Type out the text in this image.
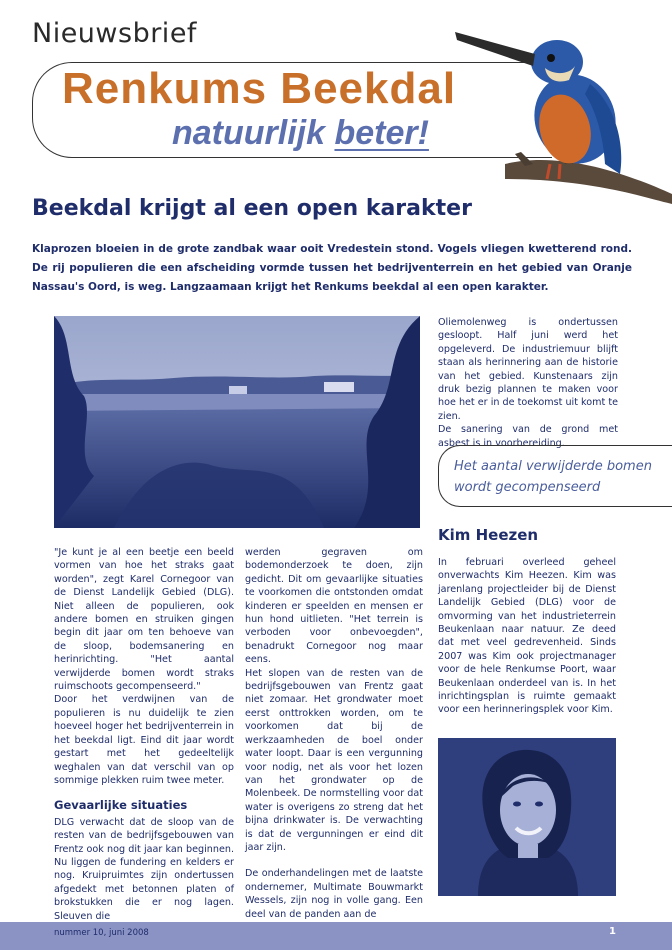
Nieuwsbrief
Renkums Beekdal
natuurlijk beter!
Beekdal krijgt al een open karakter

Klaprozen bloeien in de grote zandbak waar ooit Vredestein stond. Vogels vliegen kwetterend rond. De rij populieren die een afscheiding vormde tussen het bedrijventerrein en het gebied van Oranje Nassau's Oord, is weg. Langzaamaan krijgt het Renkums beekdal al een open karakter.

"Je kunt je al een beetje een beeld vormen van hoe het straks gaat worden", zegt Karel Cornegoor van de Dienst Landelijk Gebied (DLG). Niet alleen de populieren, ook andere bomen en struiken gingen begin dit jaar om ten behoeve van de sloop, bodemsanering en herinrichting. "Het aantal verwijderde bomen wordt straks ruimschoots gecompenseerd."

Door het verdwijnen van de populieren is nu duidelijk te zien hoeveel hoger het bedrijventerrein in het beekdal ligt. Eind dit jaar wordt gestart met het gedeeltelijk weghalen van dat verschil van op sommige plekken ruim twee meter.

Gevaarlijke situaties

DLG verwacht dat de sloop van de resten van de bedrijfsgebouwen van Frentz ook nog dit jaar kan beginnen. Nu liggen de fundering en kelders er nog. Kruipruimtes zijn ondertussen afgedekt met betonnen platen of brokstukken die er nog lagen. Sleuven die

werden gegraven om bodemonderzoek te doen, zijn gedicht. Dit om gevaarlijke situaties te voorkomen die ontstonden omdat kinderen er speelden en mensen er hun hond uitlieten. "Het terrein is verboden voor onbevoegden", benadrukt Cornegoor nog maar eens.

Het slopen van de resten van de bedrijfsgebouwen van Frentz gaat niet zomaar. Het grondwater moet eerst onttrokken worden, om te voorkomen dat bij de werkzaamheden de boel onder water loopt. Daar is een vergunning voor nodig, net als voor het lozen van het grondwater op de Molenbeek. De normstelling voor dat water is overigens zo streng dat het bijna drinkwater is. De verwachting is dat de vergunningen er eind dit jaar zijn.

De onderhandelingen met de laatste ondernemer, Multimate Bouwmarkt Wessels, zijn nog in volle gang. Een deel van de panden aan de

Oliemolenweg is ondertussen gesloopt. Half juni werd het opgeleverd. De industriemuur blijft staan als herinnering aan de historie van het gebied. Kunstenaars zijn druk bezig plannen te maken voor hoe het er in de toekomst uit komt te zien.

De sanering van de grond met asbest is in voorbereiding.

Het aantal verwijderde bomen wordt gecompenseerd
Kim Heezen

In februari overleed geheel onverwachts Kim Heezen. Kim was jarenlang projectleider bij de Dienst Landelijk Gebied (DLG) voor de omvorming van het industrieterrein Beukenlaan naar natuur. Ze deed dat met veel gedrevenheid. Sinds 2007 was Kim ook projectmanager voor de hele Renkumse Poort, waar Beukenlaan onderdeel van is. In het inrichtingsplan is ruimte gemaakt voor een herinneringsplek voor Kim.

nummer 10, juni 2008	1
